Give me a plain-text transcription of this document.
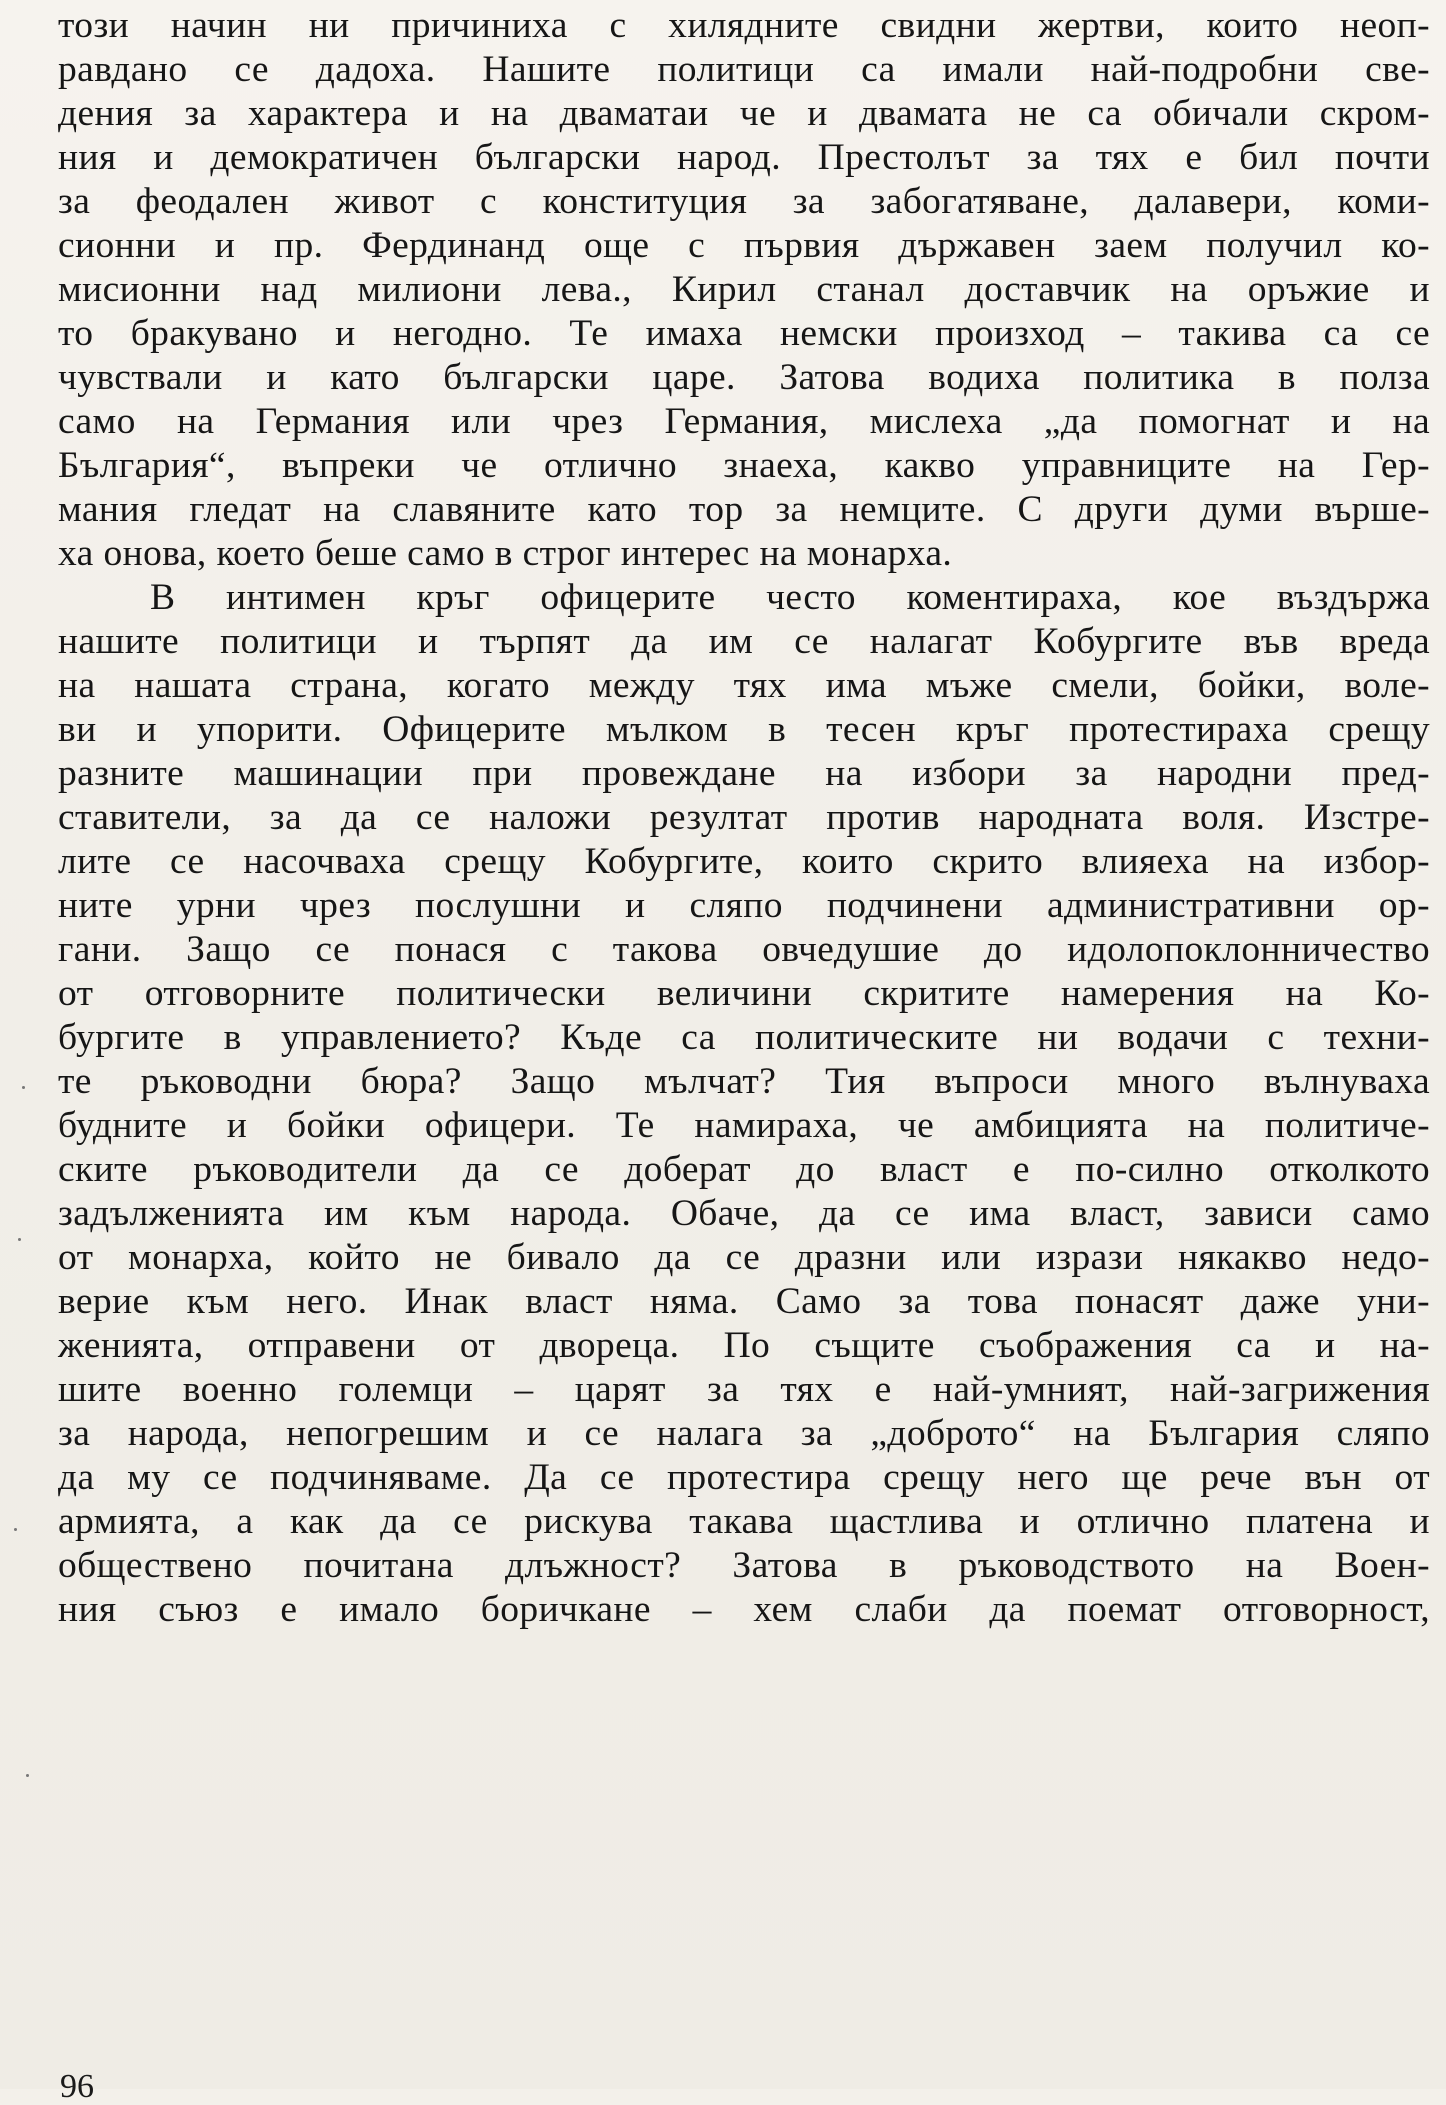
този начин ни причиниха с хилядните свидни жертви, които неоп-
равдано се дадоха. Нашите политици са имали най-подробни све-
дения за характера и на дваматаи че и двамата не са обичали скром-
ния и демократичен български народ. Престолът за тях е бил почти
за феодален живот с конституция за забогатяване, далавери, коми-
сионни и пр. Фердинанд още с първия държавен заем получил ко-
мисионни над милиони лева., Кирил станал доставчик на оръжие и
то бракувано и негодно. Те имаха немски произход – такива са се
чувствали и като български царе. Затова водиха политика в полза
само на Германия или чрез Германия, мислеха „да помогнат и на
България“, въпреки че отлично знаеха, какво управниците на Гер-
мания гледат на славяните като тор за немците. С други думи върше-
ха онова, което беше само в строг интерес на монарха.
В интимен кръг офицерите често коментираха, кое въздържа
нашите политици и търпят да им се налагат Кобургите във вреда
на нашата страна, когато между тях има мъже смели, бойки, воле-
ви и упорити. Офицерите мълком в тесен кръг протестираха срещу
разните машинации при провеждане на избори за народни пред-
ставители, за да се наложи резултат против народната воля. Изстре-
лите се насочваха срещу Кобургите, които скрито влияеха на избор-
ните урни чрез послушни и сляпо подчинени административни ор-
гани. Защо се понася с такова овчедушие до идолопоклонничество
от отговорните политически величини скритите намерения на Ко-
бургите в управлението? Къде са политическите ни водачи с техни-
те ръководни бюра? Защо мълчат? Тия въпроси много вълнуваха
будните и бойки офицери. Те намираха, че амбицията на политиче-
ските ръководители да се доберат до власт е по-силно отколкото
задълженията им към народа. Обаче, да се има власт, зависи само
от монарха, който не бивало да се дразни или изрази някакво недо-
верие към него. Инак власт няма. Само за това понасят даже уни-
женията, отправени от двореца. По същите съображения са и на-
шите военно големци – царят за тях е най-умният, най-загрижения
за народа, непогрешим и се налага за „доброто“ на България сляпо
да му се подчиняваме. Да се протестира срещу него ще рече вън от
армията, а как да се рискува такава щастлива и отлично платена и
обществено почитана длъжност? Затова в ръководството на Воен-
ния съюз е имало боричкане – хем слаби да поемат отговорност,
96
